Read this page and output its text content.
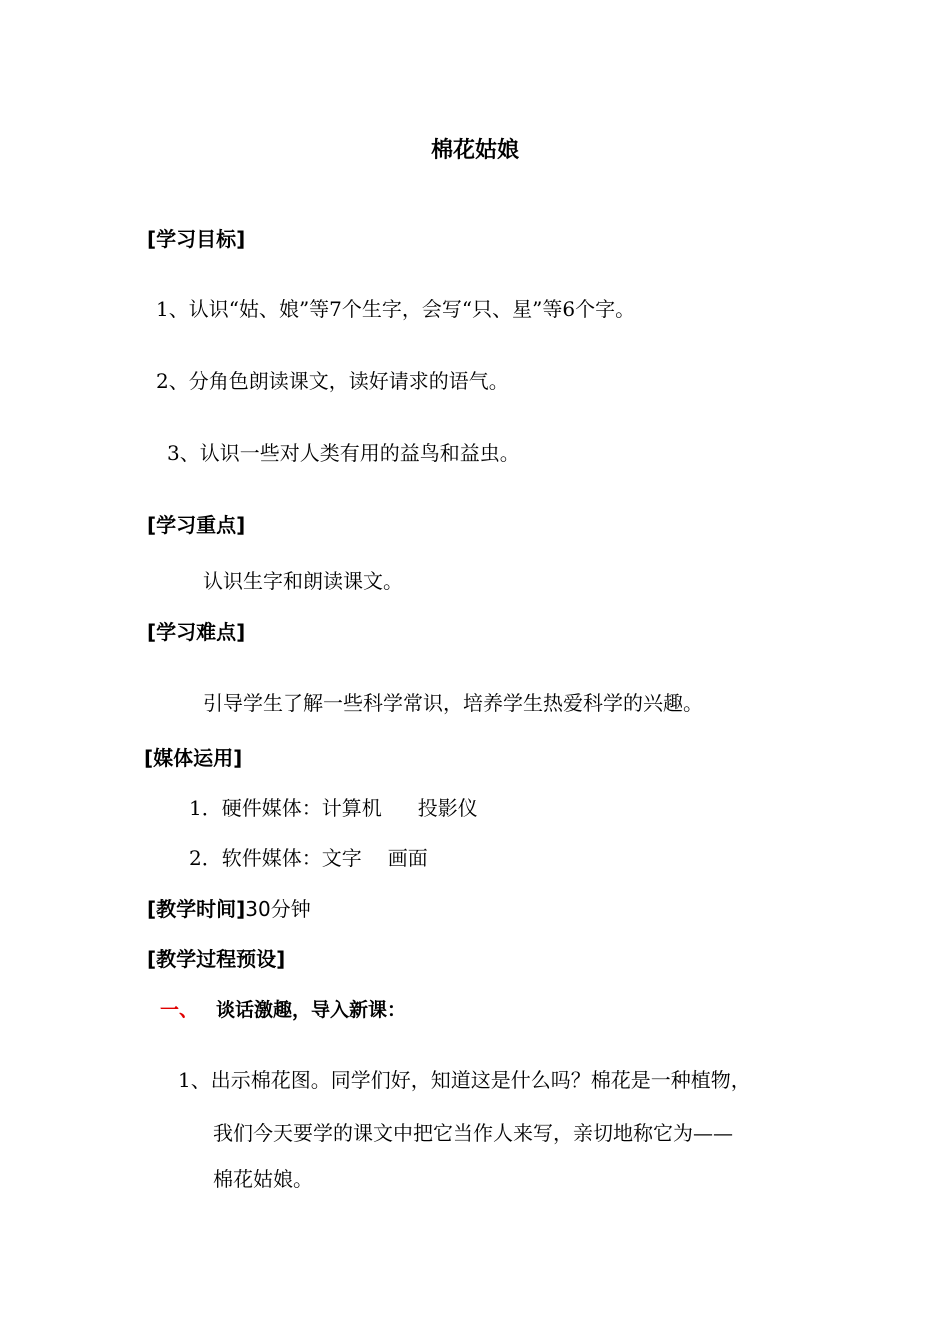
棉花姑娘
[学习目标]
1、认识“姑、娘”等7个生字，会写“只、星”等6个字。
2、分角色朗读课文，读好请求的语气。
3、认识一些对人类有用的益鸟和益虫。
[学习重点]
认识生字和朗读课文。
[学习难点]
引导学生了解一些科学常识，培养学生热爱科学的兴趣。
[媒体运用]
1．硬件媒体：计算机 投影仪
2．软件媒体：文字 画面
[教学时间]30分钟
[教学过程预设]
一、 谈话激趣，导入新课：
1、出示棉花图。同学们好，知道这是什么吗？棉花是一种植物，
我们今天要学的课文中把它当作人来写，亲切地称它为——
棉花姑娘。
